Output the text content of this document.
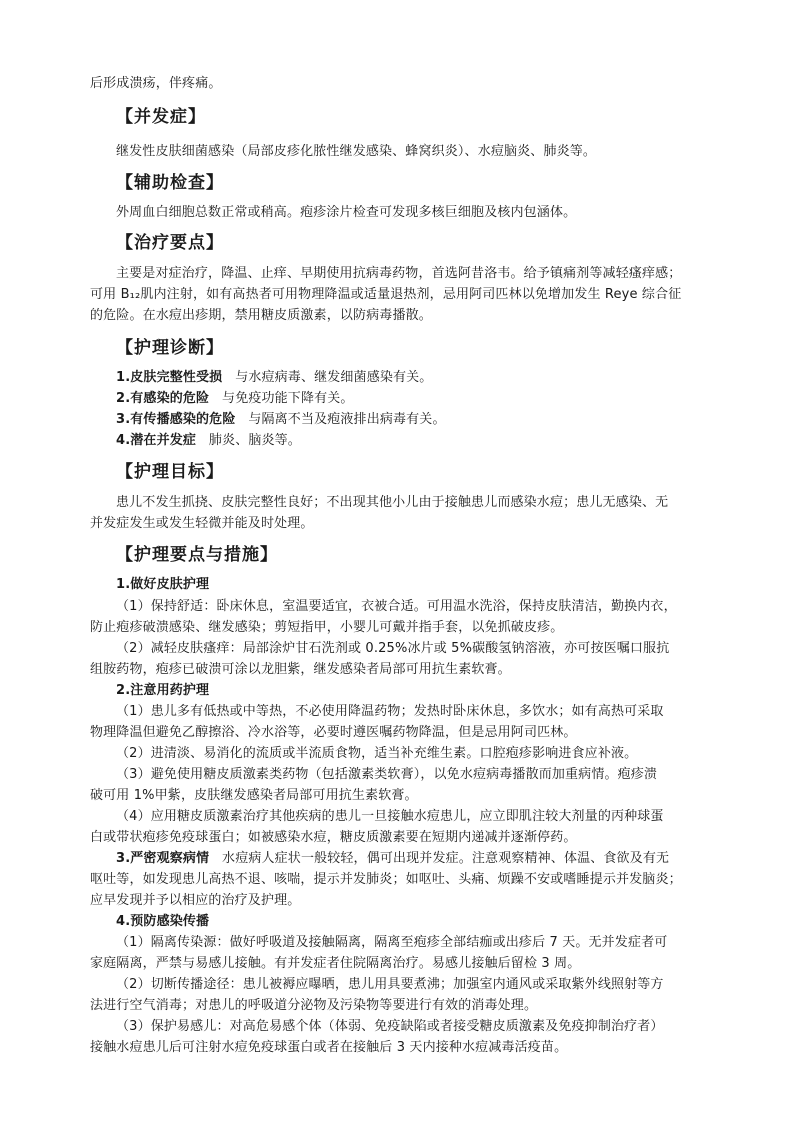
后形成溃疡，伴疼痛。
【并发症】
继发性皮肤细菌感染（局部皮疹化脓性继发感染、蜂窝织炎）、水痘脑炎、肺炎等。
【辅助检查】
外周血白细胞总数正常或稍高。疱疹涂片检查可发现多核巨细胞及核内包涵体。
【治疗要点】
主要是对症治疗，降温、止痒、早期使用抗病毒药物，首选阿昔洛韦。给予镇痛剂等减轻瘙痒感；
可用 B₁₂肌内注射，如有高热者可用物理降温或适量退热剂，忌用阿司匹林以免增加发生 Reye 综合征
的危险。在水痘出疹期，禁用糖皮质激素，以防病毒播散。
【护理诊断】
1.皮肤完整性受损 与水痘病毒、继发细菌感染有关。
2.有感染的危险 与免疫功能下降有关。
3.有传播感染的危险 与隔离不当及疱液排出病毒有关。
4.潜在并发症 肺炎、脑炎等。
【护理目标】
患儿不发生抓挠、皮肤完整性良好；不出现其他小儿由于接触患儿而感染水痘；患儿无感染、无
并发症发生或发生轻微并能及时处理。
【护理要点与措施】
1.做好皮肤护理
（1）保持舒适：卧床休息，室温要适宜，衣被合适。可用温水洗浴，保持皮肤清洁，勤换内衣，
防止疱疹破溃感染、继发感染；剪短指甲，小婴儿可戴并指手套，以免抓破皮疹。
（2）减轻皮肤瘙痒：局部涂炉甘石洗剂或 0.25%冰片或 5%碳酸氢钠溶液，亦可按医嘱口服抗
组胺药物，疱疹已破溃可涂以龙胆紫，继发感染者局部可用抗生素软膏。
2.注意用药护理
（1）患儿多有低热或中等热，不必使用降温药物；发热时卧床休息，多饮水；如有高热可采取
物理降温但避免乙醇擦浴、冷水浴等，必要时遵医嘱药物降温，但是忌用阿司匹林。
（2）进清淡、易消化的流质或半流质食物，适当补充维生素。口腔疱疹影响进食应补液。
（3）避免使用糖皮质激素类药物（包括激素类软膏），以免水痘病毒播散而加重病情。疱疹溃
破可用 1%甲紫，皮肤继发感染者局部可用抗生素软膏。
（4）应用糖皮质激素治疗其他疾病的患儿一旦接触水痘患儿，应立即肌注较大剂量的丙种球蛋
白或带状疱疹免疫球蛋白；如被感染水痘，糖皮质激素要在短期内递减并逐渐停药。
3.严密观察病情 水痘病人症状一般较轻，偶可出现并发症。注意观察精神、体温、食欲及有无
呕吐等，如发现患儿高热不退、咳喘，提示并发肺炎；如呕吐、头痛、烦躁不安或嗜睡提示并发脑炎；
应早发现并予以相应的治疗及护理。
4.预防感染传播
（1）隔离传染源：做好呼吸道及接触隔离，隔离至疱疹全部结痂或出疹后 7 天。无并发症者可
家庭隔离，严禁与易感儿接触。有并发症者住院隔离治疗。易感儿接触后留检 3 周。
（2）切断传播途径：患儿被褥应曝晒，患儿用具要煮沸；加强室内通风或采取紫外线照射等方
法进行空气消毒；对患儿的呼吸道分泌物及污染物等要进行有效的消毒处理。
（3）保护易感儿：对高危易感个体（体弱、免疫缺陷或者接受糖皮质激素及免疫抑制治疗者）
接触水痘患儿后可注射水痘免疫球蛋白或者在接触后 3 天内接种水痘减毒活疫苗。
